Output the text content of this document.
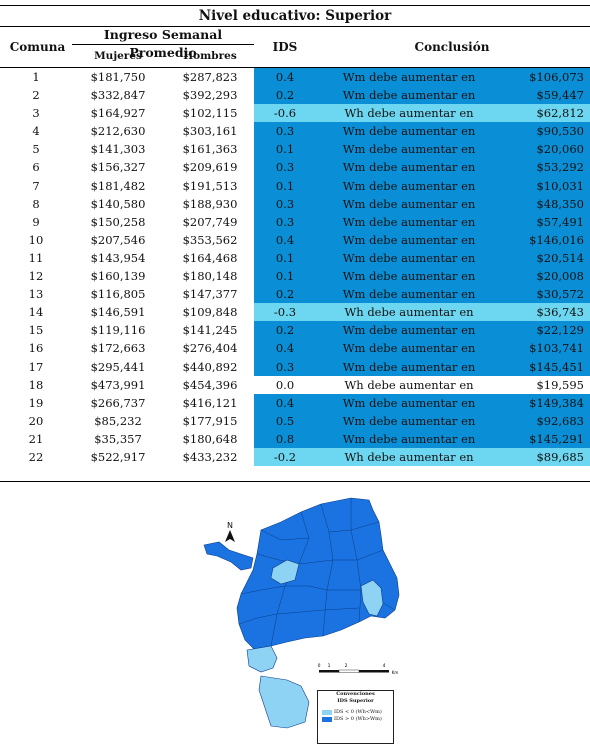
Nivel educativo: Superior
Comuna
Ingreso Semanal Promedio
Mujeres	Hombres
IDS	Conclusión
1	$181,750	$287,823	0.4	Wm debe aumentar en	$106,073
2	$332,847	$392,293	0.2	Wm debe aumentar en	$59,447
3	$164,927	$102,115	-0.6	Wh debe aumentar en	$62,812
4	$212,630	$303,161	0.3	Wm debe aumentar en	$90,530
5	$141,303	$161,363	0.1	Wm debe aumentar en	$20,060
6	$156,327	$209,619	0.3	Wm debe aumentar en	$53,292
7	$181,482	$191,513	0.1	Wm debe aumentar en	$10,031
8	$140,580	$188,930	0.3	Wm debe aumentar en	$48,350
9	$150,258	$207,749	0.3	Wm debe aumentar en	$57,491
10	$207,546	$353,562	0.4	Wm debe aumentar en	$146,016
11	$143,954	$164,468	0.1	Wm debe aumentar en	$20,514
12	$160,139	$180,148	0.1	Wm debe aumentar en	$20,008
13	$116,805	$147,377	0.2	Wm debe aumentar en	$30,572
14	$146,591	$109,848	-0.3	Wh debe aumentar en	$36,743
15	$119,116	$141,245	0.2	Wm debe aumentar en	$22,129
16	$172,663	$276,404	0.4	Wm debe aumentar en	$103,741
17	$295,441	$440,892	0.3	Wm debe aumentar en	$145,451
18	$473,991	$454,396	0.0	Wh debe aumentar en	$19,595
19	$266,737	$416,121	0.4	Wm debe aumentar en	$149,384
20	$85,232	$177,915	0.5	Wm debe aumentar en	$92,683
21	$35,357	$180,648	0.8	Wm debe aumentar en	$145,291
22	$522,917	$433,232	-0.2	Wh debe aumentar en	$89,685
N
0 1	2	4
Km
Convenciones
IDS Superior
IDS < 0 (Wh<Wm)
IDS > 0 (Wh>Wm)
